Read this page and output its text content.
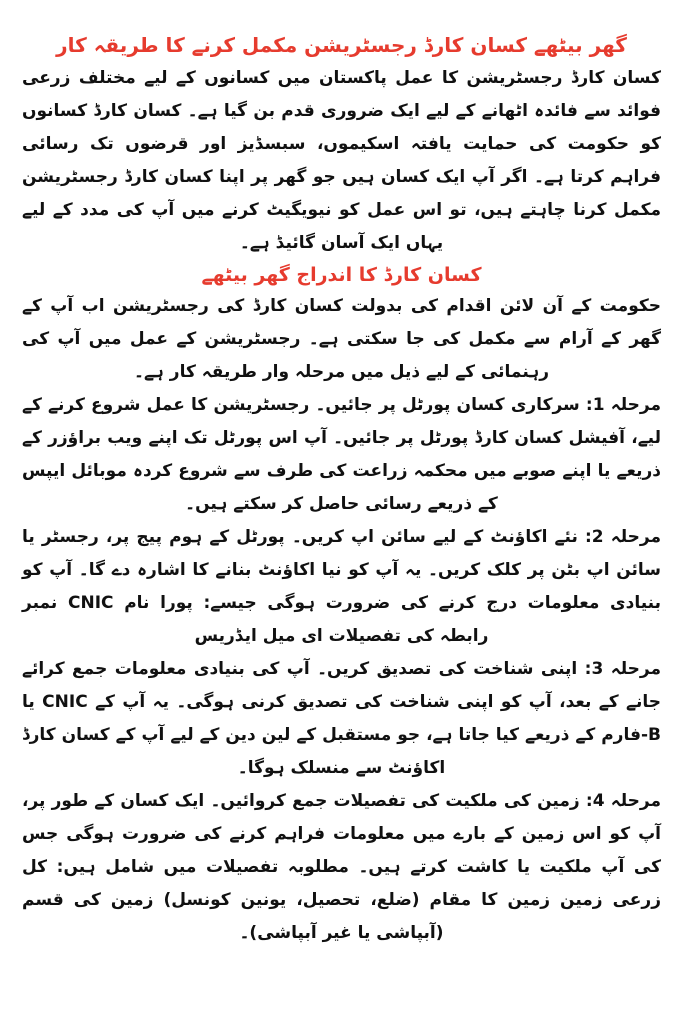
گھر بیٹھے کسان کارڈ رجسٹریشن مکمل کرنے کا طریقہ کار

کسان کارڈ رجسٹریشن کا عمل پاکستان میں کسانوں کے لیے مختلف زرعی فوائد سے فائدہ اٹھانے کے لیے ایک ضروری قدم بن گیا ہے۔ کسان کارڈ کسانوں کو حکومت کی حمایت یافتہ اسکیموں، سبسڈیز اور قرضوں تک رسائی فراہم کرتا ہے۔ اگر آپ ایک کسان ہیں جو گھر پر اپنا کسان کارڈ رجسٹریشن مکمل کرنا چاہتے ہیں، تو اس عمل کو نیویگیٹ کرنے میں آپ کی مدد کے لیے یہاں ایک آسان گائیڈ ہے۔

کسان کارڈ کا اندراج گھر بیٹھے

حکومت کے آن لائن اقدام کی بدولت کسان کارڈ کی رجسٹریشن اب آپ کے گھر کے آرام سے مکمل کی جا سکتی ہے۔ رجسٹریشن کے عمل میں آپ کی رہنمائی کے لیے ذیل میں مرحلہ وار طریقہ کار ہے۔

مرحلہ 1: سرکاری کسان پورٹل پر جائیں۔ رجسٹریشن کا عمل شروع کرنے کے لیے، آفیشل کسان کارڈ پورٹل پر جائیں۔ آپ اس پورٹل تک اپنے ویب براؤزر کے ذریعے یا اپنے صوبے میں محکمہ زراعت کی طرف سے شروع کردہ موبائل ایپس کے ذریعے رسائی حاصل کر سکتے ہیں۔

مرحلہ 2: نئے اکاؤنٹ کے لیے سائن اپ کریں۔ پورٹل کے ہوم پیج پر، رجسٹر یا سائن اپ بٹن پر کلک کریں۔ یہ آپ کو نیا اکاؤنٹ بنانے کا اشارہ دے گا۔ آپ کو بنیادی معلومات درج کرنے کی ضرورت ہوگی جیسے: پورا نام CNIC نمبر رابطہ کی تفصیلات ای میل ایڈریس

مرحلہ 3: اپنی شناخت کی تصدیق کریں۔ آپ کی بنیادی معلومات جمع کرائے جانے کے بعد، آپ کو اپنی شناخت کی تصدیق کرنی ہوگی۔ یہ آپ کے CNIC یا B-فارم کے ذریعے کیا جاتا ہے، جو مستقبل کے لین دین کے لیے آپ کے کسان کارڈ اکاؤنٹ سے منسلک ہوگا۔

مرحلہ 4: زمین کی ملکیت کی تفصیلات جمع کروائیں۔ ایک کسان کے طور پر، آپ کو اس زمین کے بارے میں معلومات فراہم کرنے کی ضرورت ہوگی جس کی آپ ملکیت یا کاشت کرتے ہیں۔ مطلوبہ تفصیلات میں شامل ہیں: کل زرعی زمین زمین کا مقام (ضلع، تحصیل، یونین کونسل) زمین کی قسم (آبپاشی یا غیر آبپاشی)۔
